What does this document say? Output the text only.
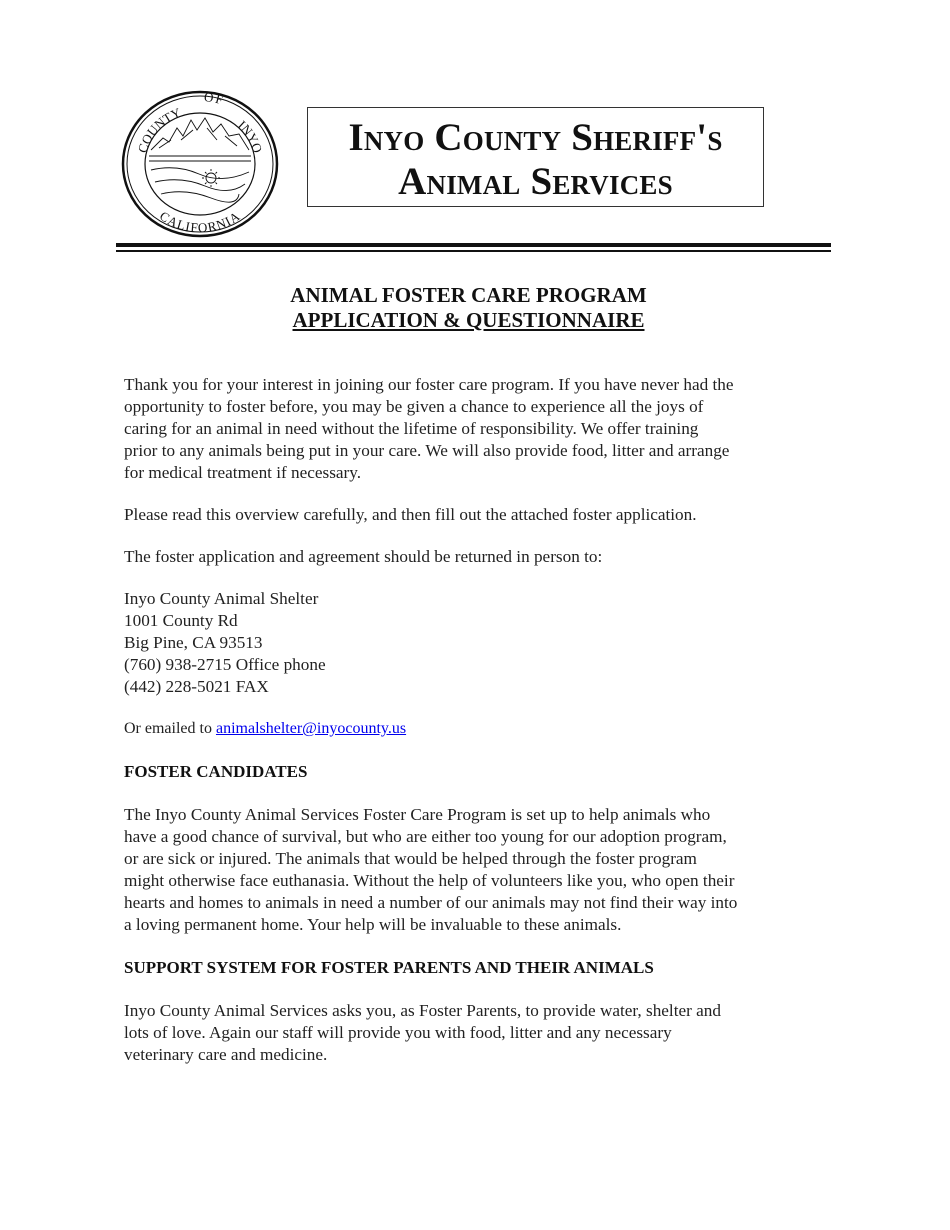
COUNTY OF INYO
CALIFORNIA
Inyo County Sheriff's
Animal Services
ANIMAL FOSTER CARE PROGRAM
APPLICATION & QUESTIONNAIRE

Thank you for your interest in joining our foster care program. If you have never had the
opportunity to foster before, you may be given a chance to experience all the joys of
caring for an animal in need without the lifetime of responsibility. We offer training
prior to any animals being put in your care. We will also provide food, litter and arrange
for medical treatment if necessary.

Please read this overview carefully, and then fill out the attached foster application.

The foster application and agreement should be returned in person to:

Inyo County Animal Shelter
1001 County Rd
Big Pine, CA 93513
(760) 938-2715 Office phone
(442) 228-5021 FAX
Or emailed to animalshelter@inyocounty.us
FOSTER CANDIDATES

The Inyo County Animal Services Foster Care Program is set up to help animals who
have a good chance of survival, but who are either too young for our adoption program,
or are sick or injured. The animals that would be helped through the foster program
might otherwise face euthanasia. Without the help of volunteers like you, who open their
hearts and homes to animals in need a number of our animals may not find their way into
a loving permanent home. Your help will be invaluable to these animals.

SUPPORT SYSTEM FOR FOSTER PARENTS AND THEIR ANIMALS

Inyo County Animal Services asks you, as Foster Parents, to provide water, shelter and
lots of love. Again our staff will provide you with food, litter and any necessary
veterinary care and medicine.
